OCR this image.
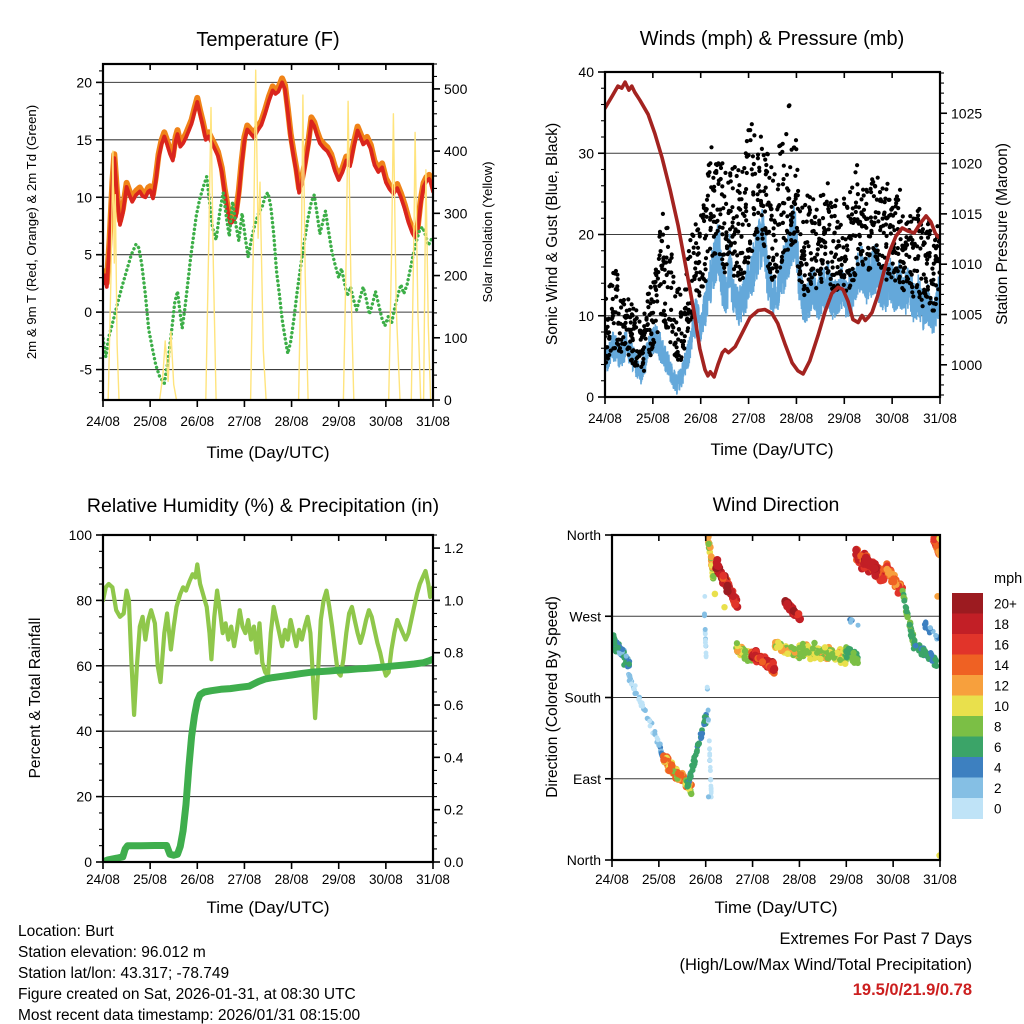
24/08 25/08 26/08 27/08 28/08 29/08 30/08 31/08
-5
0
5
10
15
20
0
100
200
300
400
500
Temperature (F)
Time (Day/UTC)
2m & 9m T (Red, Orange) & 2m Td (Green)	Solar Insolation (Yellow)
24/08 25/08 26/08 27/08 28/08 29/08 30/08 31/08
0
10
20
30
40
1000
1005
1010
1015
1020
1025
Winds (mph) & Pressure (mb)
Time (Day/UTC)
Sonic Wind & Gust (Blue, Black)	Station Pressure (Maroon)
24/08 25/08 26/08 27/08 28/08 29/08 30/08 31/08
0
20
40
60
80
100
0.0
0.2
0.4
0.6
0.8
1.0
1.2
Relative Humidity (%) & Precipitation (in)
Time (Day/UTC)
Percent & Total Rainfall
24/08 25/08 26/08 27/08 28/08 29/08 30/08 31/08
North
East
South
West
North
Wind Direction
Time (Day/UTC)
Direction (Colored By Speed)
mph
20+
18
16
14
12
10
8
6
4
2
0
Location: Burt
Station elevation: 96.012 m
Station lat/lon: 43.317; -78.749
Figure created on Sat, 2026-01-31, at 08:30 UTC
Most recent data timestamp: 2026/01/31 08:15:00
Extremes For Past 7 Days
(High/Low/Max Wind/Total Precipitation)
19.5/0/21.9/0.78
